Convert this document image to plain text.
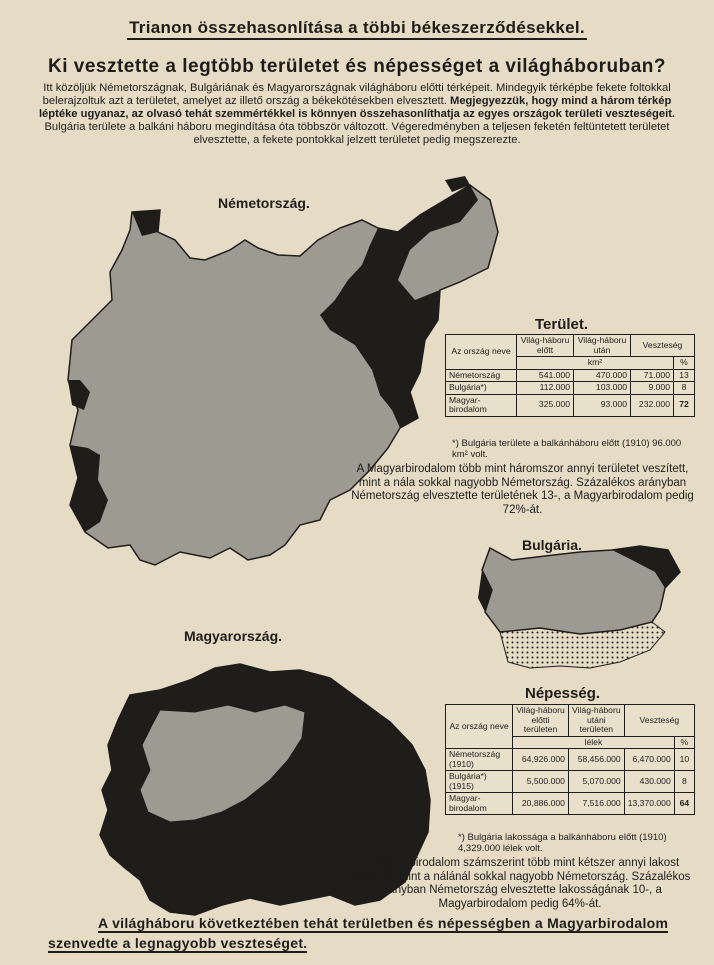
Trianon összehasonlítása a többi békeszerződésekkel.
Ki vesztette a legtöbb területet és népességet a világháboruban?
Itt közöljük Németországnak, Bulgáriának és Magyarországnak világháboru előtti térképeit. Mindegyik térképbe fekete foltokkal belerajzoltuk azt a területet, amelyet az illető ország a békekötésekben elvesztett. Megjegyezzük, hogy mind a három térkép léptéke ugyanaz, az olvasó tehát szemmértékkel is könnyen összehasonlíthatja az egyes országok területi veszteségeit. Bulgária területe a balkáni háboru megindítása óta többször változott. Végeredményben a teljesen feketén feltüntetett területet elvesztette, a fekete pontokkal jelzett területet pedig megszerezte.
Németország.
Terület.
Az ország neve	Világ-háboru előtt	Világ-háboru után	Veszteség	
	km²			%
Németország	541.000	470.000	71.000	13
Bulgária*)	112.000	103.000	9.000	8
Magyar-birodalom	325.000	93.000	232.000	72
*) Bulgária területe a balkánháboru előtt (1910) 96.000 km² volt.
A Magyarbirodalom több mint háromszor annyi területet veszített, mint a nála sokkal nagyobb Németország. Százalékos arányban Németország elvesztette területének 13-, a Magyarbirodalom pedig 72%-át.
Bulgária.
Magyarország.
Népesség.
Az ország neve	Világ-háboru előtti területen	Világ-háboru utáni területen	Veszteség	
	lélek			%
Németország (1910)	64,926.000	58,456.000	6,470.000	10
Bulgária*) (1915)	5,500.000	5,070.000	430.000	8
Magyar-birodalom	20,886.000	7,516.000	13,370.000	64
*) Bulgária lakossága a balkánháboru előtt (1910) 4,329.000 lélek volt.
A Magyarbirodalom számszerint több mint kétszer annyi lakost veszített, mint a nálánál sokkal nagyobb Németország. Százalékos arányban Németország elvesztette lakosságának 10-, a Magyarbirodalom pedig 64%-át.
A világháboru következtében tehát területben és népességben a Magyarbirodalom
szenvedte a legnagyobb veszteséget.
